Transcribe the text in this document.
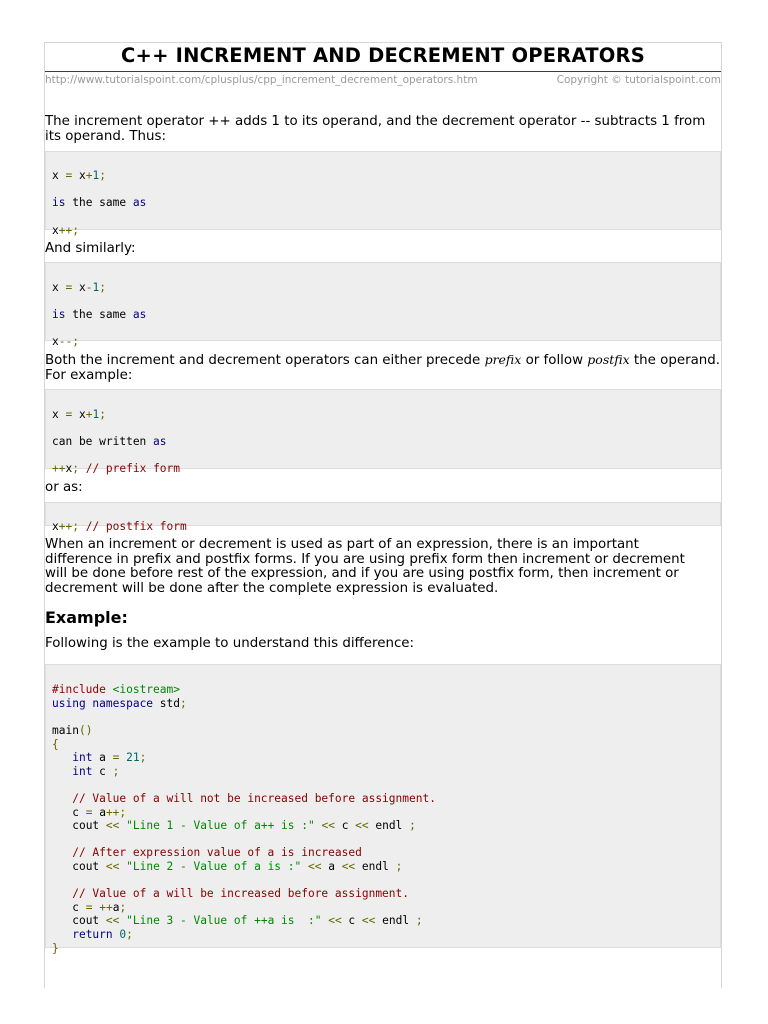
C++ INCREMENT AND DECREMENT OPERATORS
http://www.tutorialspoint.com/cplusplus/cpp_increment_decrement_operators.htm	Copyright © tutorialspoint.com

The increment operator ++ adds 1 to its operand, and the decrement operator -- subtracts 1 from
its operand. Thus:

x = x+1;
is the same as
x++;

And similarly:

x = x-1;
is the same as
x--;

Both the increment and decrement operators can either precede prefix or follow postfix the operand.
For example:

x = x+1;
can be written as
++x; // prefix form

or as:

x++; // postfix form

When an increment or decrement is used as part of an expression, there is an important
difference in prefix and postfix forms. If you are using prefix form then increment or decrement
will be done before rest of the expression, and if you are using postfix form, then increment or
decrement will be done after the complete expression is evaluated.

Example:

Following is the example to understand this difference:

#include <iostream>
using namespace std;
main()
{
int a = 21;
int c ;
// Value of a will not be increased before assignment.
c = a++;
cout << "Line 1 - Value of a++ is :" << c << endl ;
// After expression value of a is increased
cout << "Line 2 - Value of a is :" << a << endl ;
// Value of a will be increased before assignment.
c = ++a;
cout << "Line 3 - Value of ++a is  :" << c << endl ;
return 0;
}
